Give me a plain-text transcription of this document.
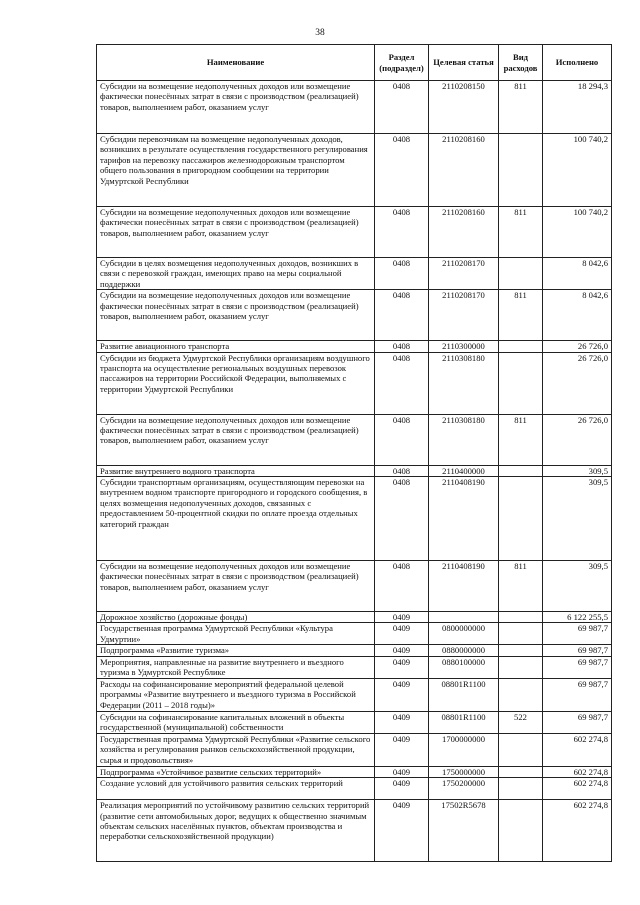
38
Наименование	Раздел (подраздел)	Целевая статья	Вид расходов	Исполнено
Субсидии на возмещение недополученных доходов или возмещение фактически понесённых затрат в связи с производством (реализацией) товаров, выполнением работ, оказанием услуг	0408	2110208150	811	18 294,3
Субсидии перевозчикам на возмещение недополученных доходов, возникших в результате осуществления государственного регулирования тарифов на перевозку пассажиров железнодорожным транспортом общего пользования в пригородном сообщении на территории Удмуртской Республики	0408	2110208160		100 740,2
Субсидии на возмещение недополученных доходов или возмещение фактически понесённых затрат в связи с производством (реализацией) товаров, выполнением работ, оказанием услуг	0408	2110208160	811	100 740,2
Субсидии в целях возмещения недополученных доходов, возникших в связи с перевозкой граждан, имеющих право на меры социальной поддержки	0408	2110208170		8 042,6
Субсидии на возмещение недополученных доходов или возмещение фактически понесённых затрат в связи с производством (реализацией) товаров, выполнением работ, оказанием услуг	0408	2110208170	811	8 042,6
Развитие авиационного транспорта	0408	2110300000		26 726,0
Субсидии из бюджета Удмуртской Республики организациям воздушного транспорта на осуществление региональных воздушных перевозок пассажиров на территории Российской Федерации, выполняемых с территории Удмуртской Республики	0408	2110308180		26 726,0
Субсидии на возмещение недополученных доходов или возмещение фактически понесённых затрат в связи с производством (реализацией) товаров, выполнением работ, оказанием услуг	0408	2110308180	811	26 726,0
Развитие внутреннего водного транспорта	0408	2110400000		309,5
Субсидии транспортным организациям, осуществляющим перевозки на внутреннем водном транспорте пригородного и городского сообщения, в целях возмещения недополученных доходов, связанных с предоставлением 50-процентной скидки по оплате проезда отдельных категорий граждан	0408	2110408190		309,5
Субсидии на возмещение недополученных доходов или возмещение фактически понесённых затрат в связи с производством (реализацией) товаров, выполнением работ, оказанием услуг	0408	2110408190	811	309,5
Дорожное хозяйство (дорожные фонды)	0409			6 122 255,5
Государственная программа Удмуртской Республики «Культура Удмуртии»	0409	0800000000		69 987,7
Подпрограмма «Развитие туризма»	0409	0880000000		69 987,7
Мероприятия, направленные на развитие внутреннего и въездного туризма в Удмуртской Республике	0409	0880100000		69 987,7
Расходы на софинансирование мероприятий федеральной целевой программы «Развитие внутреннего и въездного туризма в Российской Федерации (2011 – 2018 годы)»	0409	08801R1100		69 987,7
Субсидии на софинансирование капитальных вложений в объекты государственной (муниципальной) собственности	0409	08801R1100	522	69 987,7
Государственная программа Удмуртской Республики «Развитие сельского хозяйства и регулирования рынков сельскохозяйственной продукции, сырья и продовольствия»	0409	1700000000		602 274,8
Подпрограмма «Устойчивое развитие сельских территорий»	0409	1750000000		602 274,8
Создание условий для устойчивого развития сельских территорий	0409	1750200000		602 274,8
Реализация мероприятий по устойчивому развитию сельских территорий (развитие сети автомобильных дорог, ведущих к общественно значимым объектам сельских населённых пунктов, объектам производства и переработки сельскохозяйственной продукции)	0409	17502R5678		602 274,8
